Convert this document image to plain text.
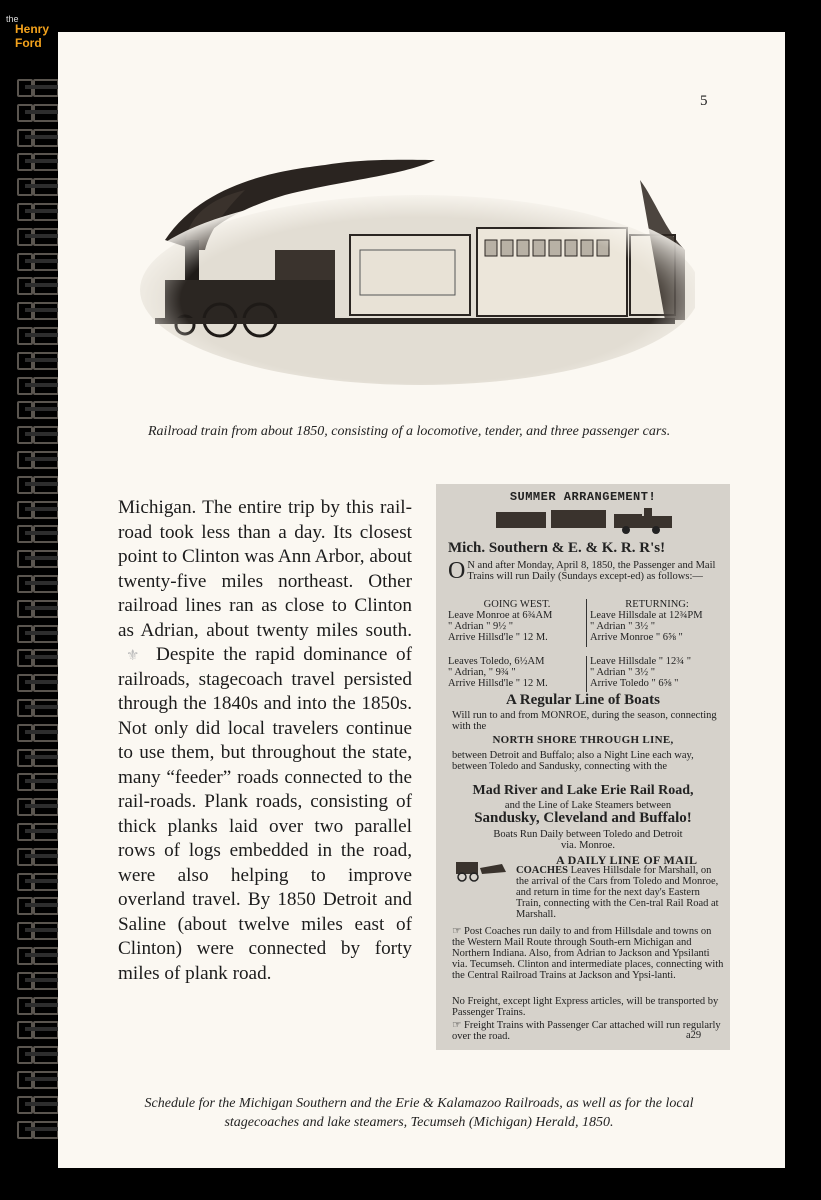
the
Henry
Ford
5
Railroad train from about 1850, consisting of a locomotive, tender, and three passenger cars.
Michigan. The entire trip by this rail-road took less than a day. Its closest point to Clinton was Ann Arbor, about twenty-five miles northeast. Other railroad lines ran as close to Clinton as Adrian, about twenty miles south. ⚜ Despite the rapid dominance of railroads, stagecoach travel persisted through the 1840s and into the 1850s. Not only did local travelers continue to use them, but throughout the state, many “feeder” roads connected to the rail-roads. Plank roads, consisting of thick planks laid over two parallel rows of logs embedded in the road, were also helping to improve overland travel. By 1850 Detroit and Saline (about twelve miles east of Clinton) were connected by forty miles of plank road.
SUMMER ARRANGEMENT!
Mich. Southern & E. & K. R. R's!
O N and after Monday, April 8, 1850, the Passenger and Mail Trains will run Daily (Sundays except-ed) as follows:—
GOING WEST.
Leave Monroe at 6¾AM
" Adrian " 9½ "
Arrive Hillsd'le " 12 M.
RETURNING:
Leave Hillsdale at 12¾PM
" Adrian " 3½ "
Arrive Monroe " 6⅝ "
Leaves Toledo, 6½AM
" Adrian, " 9¾ "
Arrive Hillsd'le " 12 M.
Leave Hillsdale " 12¾ "
" Adrian " 3½ "
Arrive Toledo " 6⅝ "
A Regular Line of Boats
Will run to and from MONROE, during the season, connecting with the
NORTH SHORE THROUGH LINE,
between Detroit and Buffalo; also a Night Line each way, between Toledo and Sandusky, connecting with the
Mad River and Lake Erie Rail Road,
and the Line of Lake Steamers between
Sandusky, Cleveland and Buffalo!
Boats Run Daily between Toledo and Detroit
via. Monroe.
A DAILY LINE OF MAIL
COACHES Leaves Hillsdale for Marshall, on the arrival of the Cars from Toledo and Monroe, and return in time for the next day's Eastern Train, connecting with the Cen-tral Rail Road at Marshall.
☞ Post Coaches run daily to and from Hillsdale and towns on the Western Mail Route through South-ern Michigan and Northern Indiana. Also, from Adrian to Jackson and Ypsilanti via. Tecumseh. Clinton and intermediate places, connecting with the Central Railroad Trains at Jackson and Ypsi-lanti.
No Freight, except light Express articles, will be transported by Passenger Trains.
☞ Freight Trains with Passenger Car attached will run regularly over the road.	a29
Schedule for the Michigan Southern and the Erie & Kalamazoo Railroads, as well as for the local stagecoaches and lake steamers, Tecumseh (Michigan) Herald, 1850.
